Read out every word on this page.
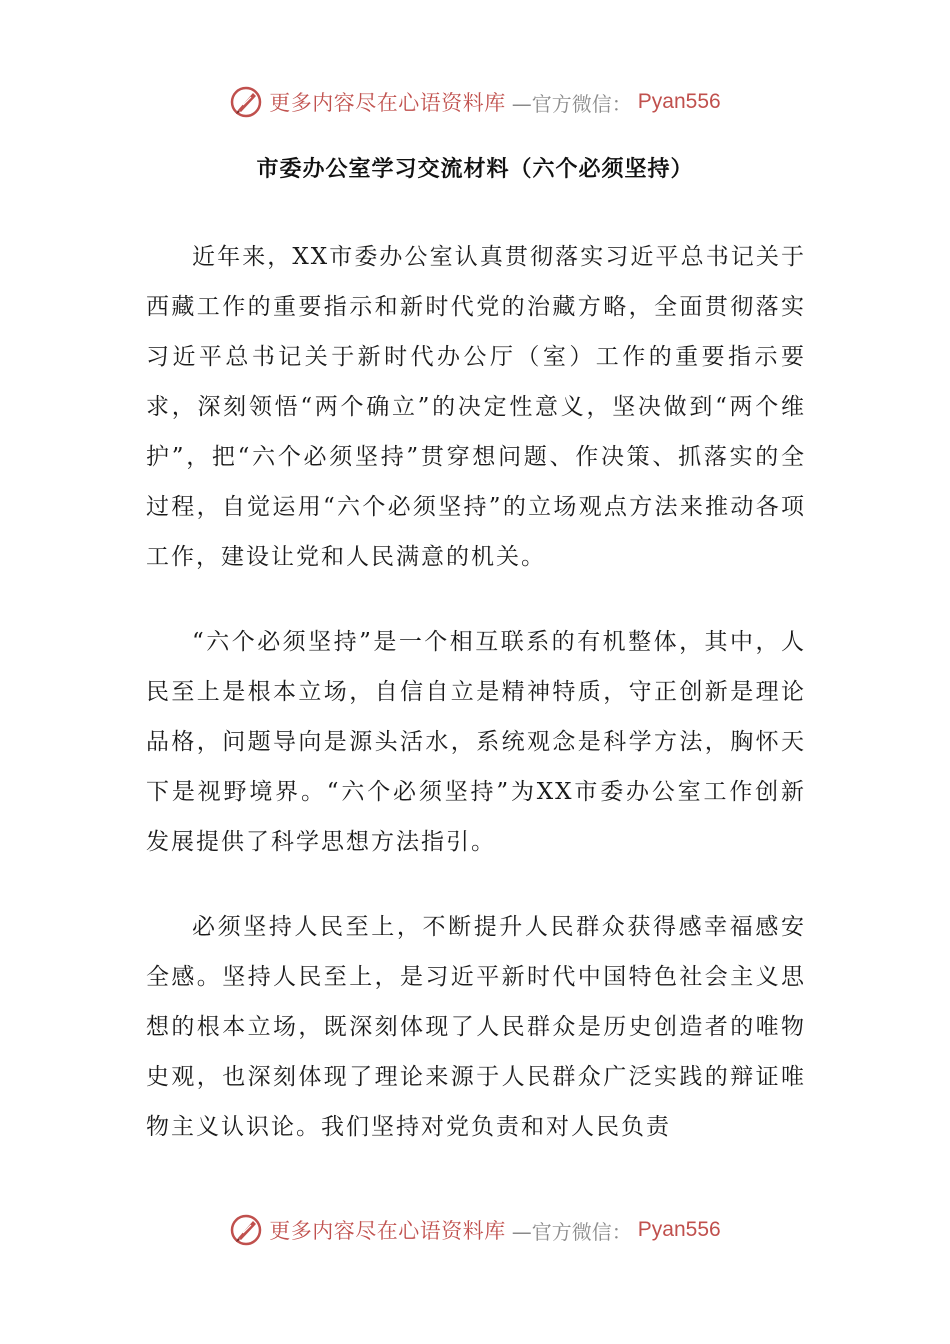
更多内容尽在心语资料库 —官方微信： Pyan556
市委办公室学习交流材料（六个必须坚持）

近年来，XX市委办公室认真贯彻落实习近平总书记关于西藏工作的重要指示和新时代党的治藏方略，全面贯彻落实习近平总书记关于新时代办公厅（室）工作的重要指示要求，深刻领悟“两个确立”的决定性意义，坚决做到“两个维护”，把“六个必须坚持”贯穿想问题、作决策、抓落实的全过程，自觉运用“六个必须坚持”的立场观点方法来推动各项工作，建设让党和人民满意的机关。

“六个必须坚持”是一个相互联系的有机整体，其中，人民至上是根本立场，自信自立是精神特质，守正创新是理论品格，问题导向是源头活水，系统观念是科学方法，胸怀天下是视野境界。“六个必须坚持”为XX市委办公室工作创新发展提供了科学思想方法指引。

必须坚持人民至上，不断提升人民群众获得感幸福感安全感。坚持人民至上，是习近平新时代中国特色社会主义思想的根本立场，既深刻体现了人民群众是历史创造者的唯物史观，也深刻体现了理论来源于人民群众广泛实践的辩证唯物主义认识论。我们坚持对党负责和对人民负责

更多内容尽在心语资料库 —官方微信： Pyan556
